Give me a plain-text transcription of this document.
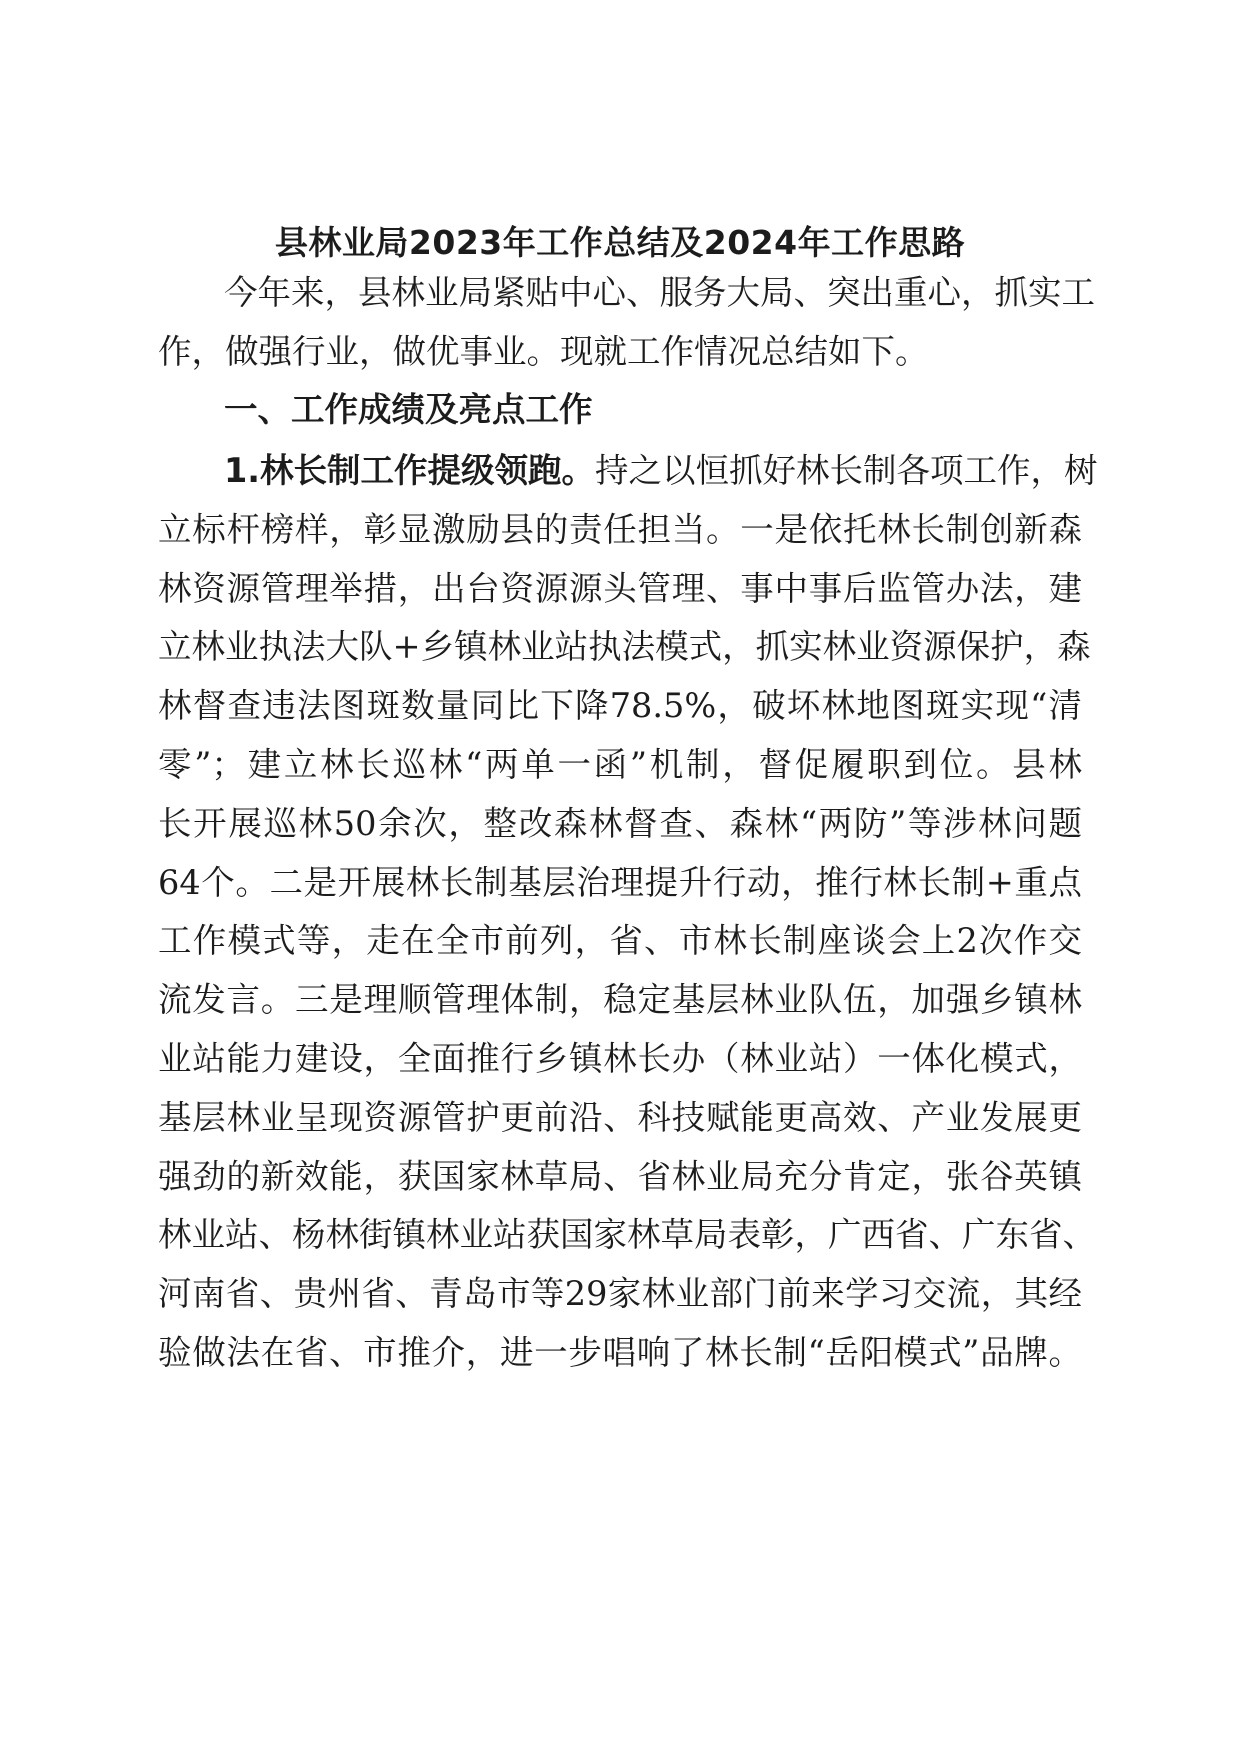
县林业局2023年工作总结及2024年工作思路

今年来，县林业局紧贴中心、服务大局、突出重心，抓实工

作，做强行业，做优事业。现就工作情况总结如下。

一、工作成绩及亮点工作

1.林长制工作提级领跑。持之以恒抓好林长制各项工作，树

立标杆榜样，彰显激励县的责任担当。一是依托林长制创新森

林资源管理举措，出台资源源头管理、事中事后监管办法，建

立林业执法大队+乡镇林业站执法模式，抓实林业资源保护，森

林督查违法图斑数量同比下降78.5%，破坏林地图斑实现“清

零”；建立林长巡林“两单一函”机制，督促履职到位。县林

长开展巡林50余次，整改森林督查、森林“两防”等涉林问题

64个。二是开展林长制基层治理提升行动，推行林长制+重点

工作模式等，走在全市前列，省、市林长制座谈会上2次作交

流发言。三是理顺管理体制，稳定基层林业队伍，加强乡镇林

业站能力建设，全面推行乡镇林长办（林业站）一体化模式，

基层林业呈现资源管护更前沿、科技赋能更高效、产业发展更

强劲的新效能，获国家林草局、省林业局充分肯定，张谷英镇

林业站、杨林街镇林业站获国家林草局表彰，广西省、广东省、

河南省、贵州省、青岛市等29家林业部门前来学习交流，其经

验做法在省、市推介，进一步唱响了林长制“岳阳模式”品牌。
